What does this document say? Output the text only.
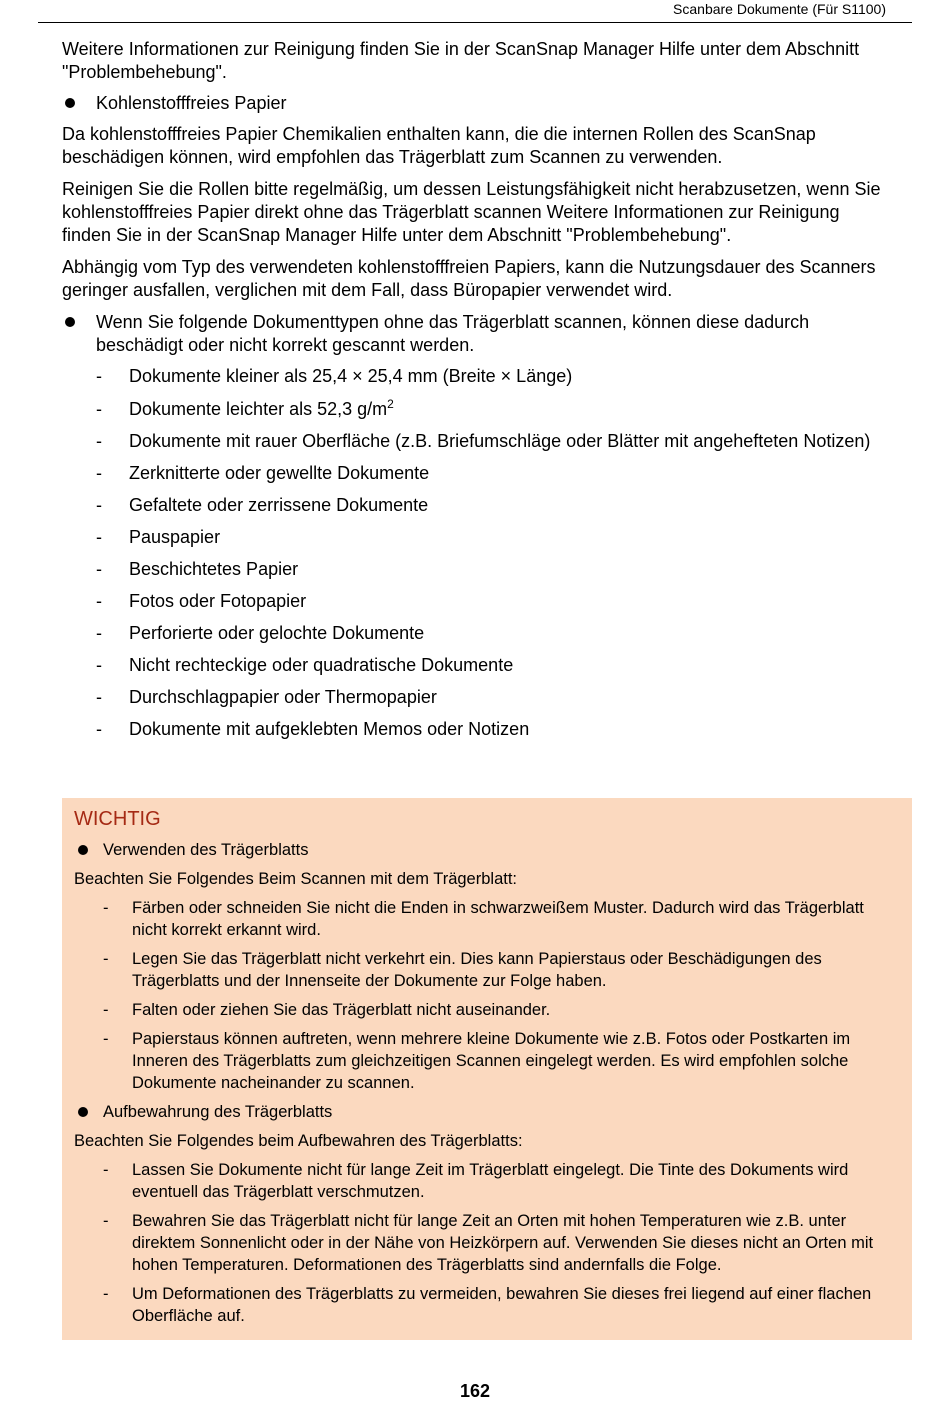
Scanbare Dokumente (Für S1100)

Weitere Informationen zur Reinigung finden Sie in der ScanSnap Manager Hilfe unter dem Abschnitt "Problembehebung".

Kohlenstofffreies Papier

Da kohlenstofffreies Papier Chemikalien enthalten kann, die die internen Rollen des ScanSnap beschädigen können, wird empfohlen das Trägerblatt zum Scannen zu verwenden.

Reinigen Sie die Rollen bitte regelmäßig, um dessen Leistungsfähigkeit nicht herabzusetzen, wenn Sie kohlenstofffreies Papier direkt ohne das Trägerblatt scannen Weitere Informationen zur Reinigung finden Sie in der ScanSnap Manager Hilfe unter dem Abschnitt "Problembehebung".

Abhängig vom Typ des verwendeten kohlenstofffreien Papiers, kann die Nutzungsdauer des Scanners geringer ausfallen, verglichen mit dem Fall, dass Büropapier verwendet wird.

Wenn Sie folgende Dokumenttypen ohne das Trägerblatt scannen, können diese dadurch beschädigt oder nicht korrekt gescannt werden.

- Dokumente kleiner als 25,4 × 25,4 mm (Breite × Länge)
- Dokumente leichter als 52,3 $g/m^2$
- Dokumente mit rauer Oberfläche (z.B. Briefumschläge oder Blätter mit angehefteten Notizen)
- Zerknitterte oder gewellte Dokumente
- Gefaltete oder zerrissene Dokumente
- Pauspapier
- Beschichtetes Papier
- Fotos oder Fotopapier
- Perforierte oder gelochte Dokumente
- Nicht rechteckige oder quadratische Dokumente
- Durchschlagpapier oder Thermopapier
- Dokumente mit aufgeklebten Memos oder Notizen
WICHTIG

Verwenden des Trägerblatts

Beachten Sie Folgendes Beim Scannen mit dem Trägerblatt:

- Färben oder schneiden Sie nicht die Enden in schwarzweißem Muster. Dadurch wird das Trägerblatt nicht korrekt erkannt wird.
- Legen Sie das Trägerblatt nicht verkehrt ein. Dies kann Papierstaus oder Beschädigungen des Trägerblatts und der Innenseite der Dokumente zur Folge haben.
- Falten oder ziehen Sie das Trägerblatt nicht auseinander.
- Papierstaus können auftreten, wenn mehrere kleine Dokumente wie z.B. Fotos oder Postkarten im Inneren des Trägerblatts zum gleichzeitigen Scannen eingelegt werden. Es wird empfohlen solche Dokumente nacheinander zu scannen.

Aufbewahrung des Trägerblatts

Beachten Sie Folgendes beim Aufbewahren des Trägerblatts:

- Lassen Sie Dokumente nicht für lange Zeit im Trägerblatt eingelegt. Die Tinte des Dokuments wird eventuell das Trägerblatt verschmutzen.
- Bewahren Sie das Trägerblatt nicht für lange Zeit an Orten mit hohen Temperaturen wie z.B. unter direktem Sonnenlicht oder in der Nähe von Heizkörpern auf. Verwenden Sie dieses nicht an Orten mit hohen Temperaturen. Deformationen des Trägerblatts sind andernfalls die Folge.
- Um Deformationen des Trägerblatts zu vermeiden, bewahren Sie dieses frei liegend auf einer flachen Oberfläche auf.
162
